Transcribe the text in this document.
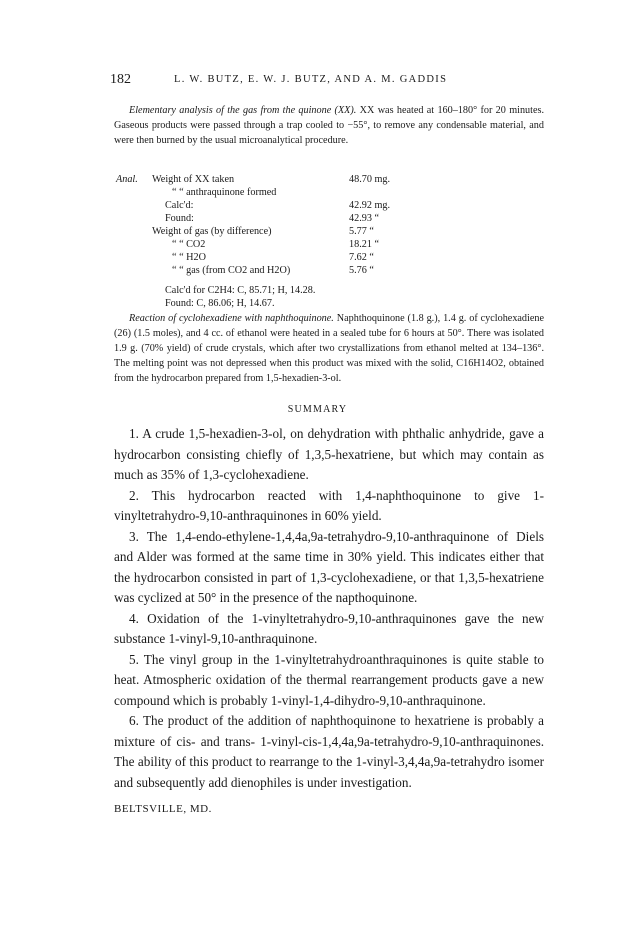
182	L. W. BUTZ, E. W. J. BUTZ, AND A. M. GADDIS
Elementary analysis of the gas from the quinone (XX). XX was heated at 160–180° for 20 minutes. Gaseous products were passed through a trap cooled to −55°, to remove any condensable material, and were then burned by the usual microanalytical procedure.
Anal. Weight of XX taken	48.70 mg.
“ “ anthraquinone formed
Calc'd:	42.92 mg.
Found:	42.93 “
Weight of gas (by difference)	5.77 “
“ “ CO2	18.21 “
“ “ H2O	7.62 “
“ “ gas (from CO2 and H2O)	5.76 “
Calc'd for C2H4: C, 85.71; H, 14.28.
Found: C, 86.06; H, 14.67.
Reaction of cyclohexadiene with naphthoquinone. Naphthoquinone (1.8 g.), 1.4 g. of cyclohexadiene (26) (1.5 moles), and 4 cc. of ethanol were heated in a sealed tube for 6 hours at 50°. There was isolated 1.9 g. (70% yield) of crude crystals, which after two crystallizations from ethanol melted at 134–136°. The melting point was not depressed when this product was mixed with the solid, C16H14O2, obtained from the hydrocarbon prepared from 1,5-hexadien-3-ol.
SUMMARY

1. A crude 1,5-hexadien-3-ol, on dehydration with phthalic anhydride, gave a hydrocarbon consisting chiefly of 1,3,5-hexatriene, but which may contain as much as 35% of 1,3-cyclohexadiene.

2. This hydrocarbon reacted with 1,4-naphthoquinone to give 1-vinyltetrahydro-9,10-anthraquinones in 60% yield.

3. The 1,4-endo-ethylene-1,4,4a,9a-tetrahydro-9,10-anthraquinone of Diels and Alder was formed at the same time in 30% yield. This indicates either that the hydrocarbon consisted in part of 1,3-cyclohexadiene, or that 1,3,5-hexatriene was cyclized at 50° in the presence of the napthoquinone.

4. Oxidation of the 1-vinyltetrahydro-9,10-anthraquinones gave the new substance 1-vinyl-9,10-anthraquinone.

5. The vinyl group in the 1-vinyltetrahydroanthraquinones is quite stable to heat. Atmospheric oxidation of the thermal rearrangement products gave a new compound which is probably 1-vinyl-1,4-dihydro-9,10-anthraquinone.

6. The product of the addition of naphthoquinone to hexatriene is probably a mixture of cis- and trans- 1-vinyl-cis-1,4,4a,9a-tetrahydro-9,10-anthraquinones. The ability of this product to rearrange to the 1-vinyl-3,4,4a,9a-tetrahydro isomer and subsequently add dienophiles is under investigation.

BELTSVILLE, MD.
